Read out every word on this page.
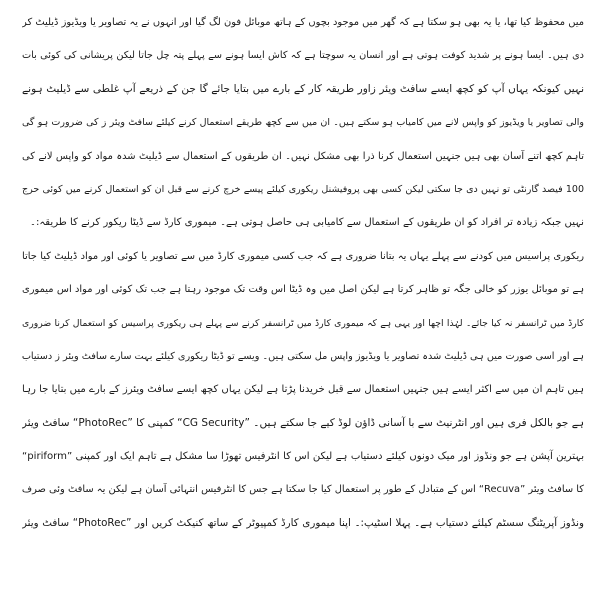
میں محفوظ کیا تھا، یا یہ بھی ہو سکتا ہے کہ گھر میں موجود بچوں کے ہاتھ موبائل فون لگ گیا اور انہوں نے یہ تصاویر یا ویڈیوز ڈیلیٹ کر
دی ہیں۔ ایسا ہونے پر شدید کوفت ہوتی ہے اور انسان یہ سوچتا ہے کہ کاش ایسا ہونے سے پہلے پتہ چل جاتا لیکن پریشانی کی کوئی بات
نہیں کیونکہ یہاں آپ کو کچھ ایسے سافٹ ویئر زاور طریقہ کار کے بارے میں بتایا جائے گا جن کے ذریعے آپ غلطی سے ڈیلیٹ ہونے
والی تصاویر یا ویڈیوز کو واپس لانے میں کامیاب ہو سکتے ہیں۔ ان میں سے کچھ طریقے استعمال کرنے کیلئے سافٹ ویئر ز کی ضرورت ہو گی
تاہم کچھ اتنے آسان بھی ہیں جنہیں استعمال کرنا ذرا بھی مشکل نہیں۔ ان طریقوں کے استعمال سے ڈیلیٹ شدہ مواد کو واپس لانے کی
100 فیصد گارنٹی تو نہیں دی جا سکتی لیکن کسی بھی پروفیشنل ریکوری کیلئے پیسے خرچ کرنے سے قبل ان کو استعمال کرنے میں کوئی حرج
نہیں جبکہ زیادہ تر افراد کو ان طریقوں کے استعمال سے کامیابی ہی حاصل ہوتی ہے۔ میموری کارڈ سے ڈیٹا ریکور کرنے کا طریقہ:۔
ریکوری پراسیس میں کودنے سے پہلے یہاں یہ بتانا ضروری ہے کہ جب کسی میموری کارڈ میں سے تصاویر یا کوئی اور مواد ڈیلیٹ کیا جاتا
ہے تو موبائل یوزر کو خالی جگہ تو ظاہر کرتا ہے لیکن اصل میں وہ ڈیٹا اس وقت تک موجود رہتا ہے جب تک کوئی اور مواد اس میموری
کارڈ میں ٹرانسفر نہ کیا جائے۔ لہٰذا اچھا اور یہی ہے کہ میموری کارڈ میں ٹرانسفر کرنے سے پہلے ہی ریکوری پراسیس کو استعمال کرنا ضروری
ہے اور اسی صورت میں ہی ڈیلیٹ شدہ تصاویر یا ویڈیوز واپس مل سکتی ہیں۔ ویسے تو ڈیٹا ریکوری کیلئے بہت سارے سافٹ ویئر ز دستیاب
ہیں تاہم ان میں سے اکثر ایسے ہیں جنہیں استعمال سے قبل خریدنا پڑتا ہے لیکن یہاں کچھ ایسے سافٹ ویئرز کے بارے میں بتایا جا رہا
ہے جو بالکل فری ہیں اور انٹرنیٹ سے با آسانی ڈاؤن لوڈ کیے جا سکتے ہیں۔ ”CG Security“ کمپنی کا ”PhotoRec“ سافٹ ویئر
بہترین آپشن ہے جو ونڈوز اور میک دونوں کیلئے دستیاب ہے لیکن اس کا انٹرفیس تھوڑا سا مشکل ہے تاہم ایک اور کمپنی ”piriform“
کا سافٹ ویئر ”Recuva“ اس کے متبادل کے طور پر استعمال کیا جا سکتا ہے جس کا انٹرفیس انتہائی آسان ہے لیکن یہ سافٹ وئی صرف
ونڈوز آپریٹنگ سسٹم کیلئے دستیاب ہے۔ پہلا اسٹیپ:۔ اپنا میموری کارڈ کمپیوٹر کے ساتھ کنیکٹ کریں اور ”PhotoRec“ سافٹ ویئر
